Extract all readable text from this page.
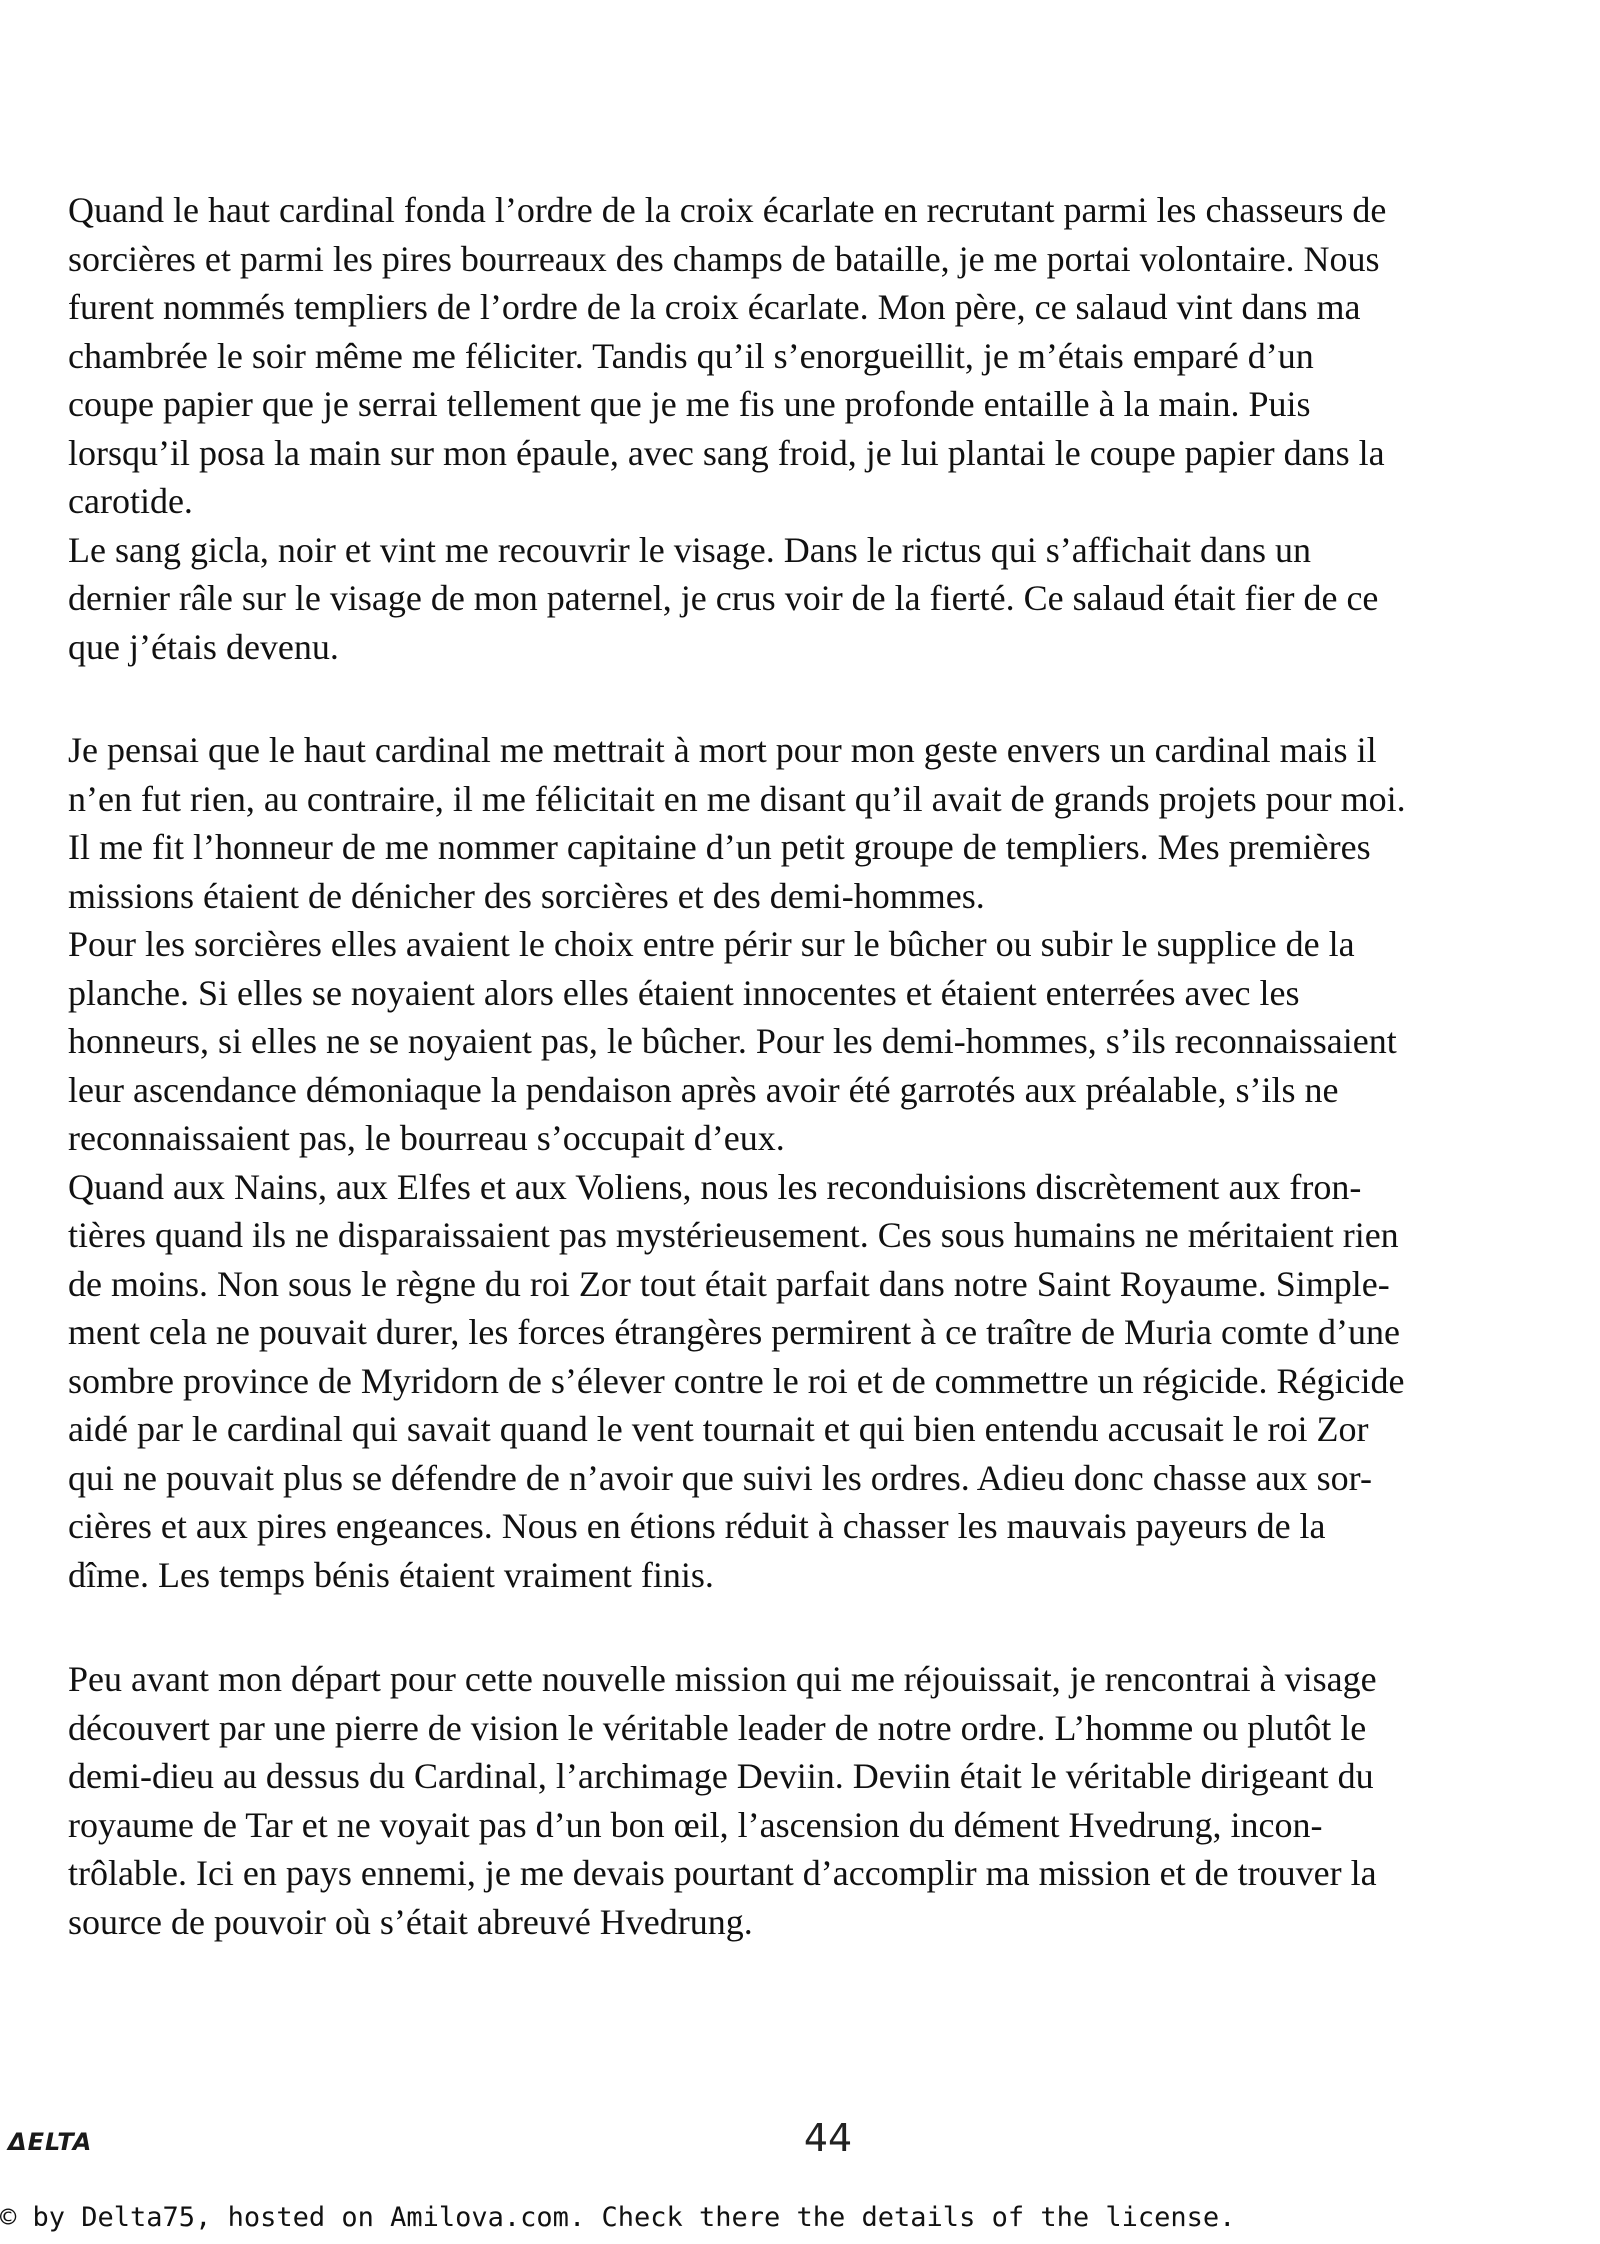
Quand le haut cardinal fonda l’ordre de la croix écarlate en recrutant parmi les chasseurs de

sorcières et parmi les pires bourreaux des champs de bataille, je me portai volontaire. Nous

furent nommés templiers de l’ordre de la croix écarlate. Mon père, ce salaud vint dans ma

chambrée le soir même me féliciter. Tandis qu’il s’enorgueillit, je m’étais emparé d’un

coupe papier que je serrai tellement que je me fis une profonde entaille à la main. Puis

lorsqu’il posa la main sur mon épaule, avec sang froid, je lui plantai le coupe papier dans la

carotide.

Le sang gicla, noir et vint me recouvrir le visage. Dans le rictus qui s’affichait dans un

dernier râle sur le visage de mon paternel, je crus voir de la fierté. Ce salaud était fier de ce

que j’étais devenu.

Je pensai que le haut cardinal me mettrait à mort pour mon geste envers un cardinal mais il

n’en fut rien, au contraire, il me félicitait en me disant qu’il avait de grands projets pour moi.

Il me fit l’honneur de me nommer capitaine d’un petit groupe de templiers. Mes premières

missions étaient de dénicher des sorcières et des demi-hommes.

Pour les sorcières elles avaient le choix entre périr sur le bûcher ou subir le supplice de la

planche. Si elles se noyaient alors elles étaient innocentes et étaient enterrées avec les

honneurs, si elles ne se noyaient pas, le bûcher. Pour les demi-hommes, s’ils reconnaissaient

leur ascendance démoniaque la pendaison après avoir été garrotés aux préalable, s’ils ne

reconnaissaient pas, le bourreau s’occupait d’eux.

Quand aux Nains, aux Elfes et aux Voliens, nous les reconduisions discrètement aux fron-

tières quand ils ne disparaissaient pas mystérieusement. Ces sous humains ne méritaient rien

de moins. Non sous le règne du roi Zor tout était parfait dans notre Saint Royaume. Simple-

ment cela ne pouvait durer, les forces étrangères permirent à ce traître de Muria comte d’une

sombre province de Myridorn de s’élever contre le roi et de commettre un régicide. Régicide

aidé par le cardinal qui savait quand le vent tournait et qui bien entendu accusait le roi Zor

qui ne pouvait plus se défendre de n’avoir que suivi les ordres. Adieu donc chasse aux sor-

cières et aux pires engeances. Nous en étions réduit à chasser les mauvais payeurs de la

dîme. Les temps bénis étaient vraiment finis.

Peu avant mon départ pour cette nouvelle mission qui me réjouissait, je rencontrai à visage

découvert par une pierre de vision le véritable leader de notre ordre. L’homme ou plutôt le

demi-dieu au dessus du Cardinal, l’archimage Deviin. Deviin était le véritable dirigeant du

royaume de Tar et ne voyait pas d’un bon œil, l’ascension du dément Hvedrung, incon-

trôlable. Ici en pays ennemi, je me devais pourtant d’accomplir ma mission et de trouver la

source de pouvoir où s’était abreuvé Hvedrung.

ΔELTA	44
© by Delta75, hosted on Amilova.com. Check there the details of the license.
